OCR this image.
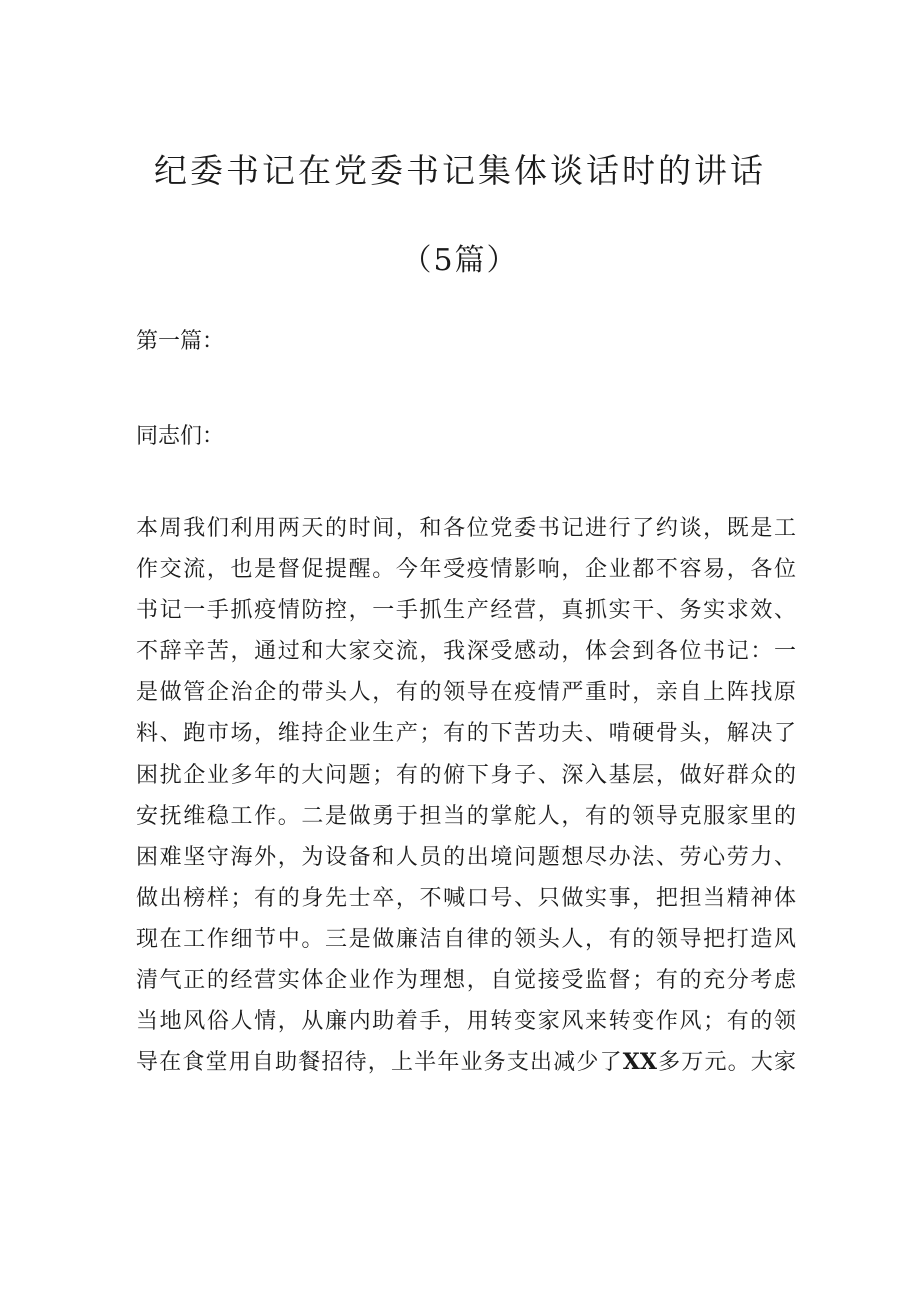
纪委书记在党委书记集体谈话时的讲话
（5篇）

第一篇：

同志们：

本周我们利用两天的时间，和各位党委书记进行了约谈，既是工
作交流，也是督促提醒。今年受疫情影响，企业都不容易，各位
书记一手抓疫情防控，一手抓生产经营，真抓实干、务实求效、
不辞辛苦，通过和大家交流，我深受感动，体会到各位书记：一
是做管企治企的带头人，有的领导在疫情严重时，亲自上阵找原
料、跑市场，维持企业生产；有的下苦功夫、啃硬骨头，解决了
困扰企业多年的大问题；有的俯下身子、深入基层，做好群众的
安抚维稳工作。二是做勇于担当的掌舵人，有的领导克服家里的
困难坚守海外，为设备和人员的出境问题想尽办法、劳心劳力、
做出榜样；有的身先士卒，不喊口号、只做实事，把担当精神体
现在工作细节中。三是做廉洁自律的领头人，有的领导把打造风
清气正的经营实体企业作为理想，自觉接受监督；有的充分考虑
当地风俗人情，从廉内助着手，用转变家风来转变作风；有的领
导在食堂用自助餐招待，上半年业务支出减少了XX多万元。大家
